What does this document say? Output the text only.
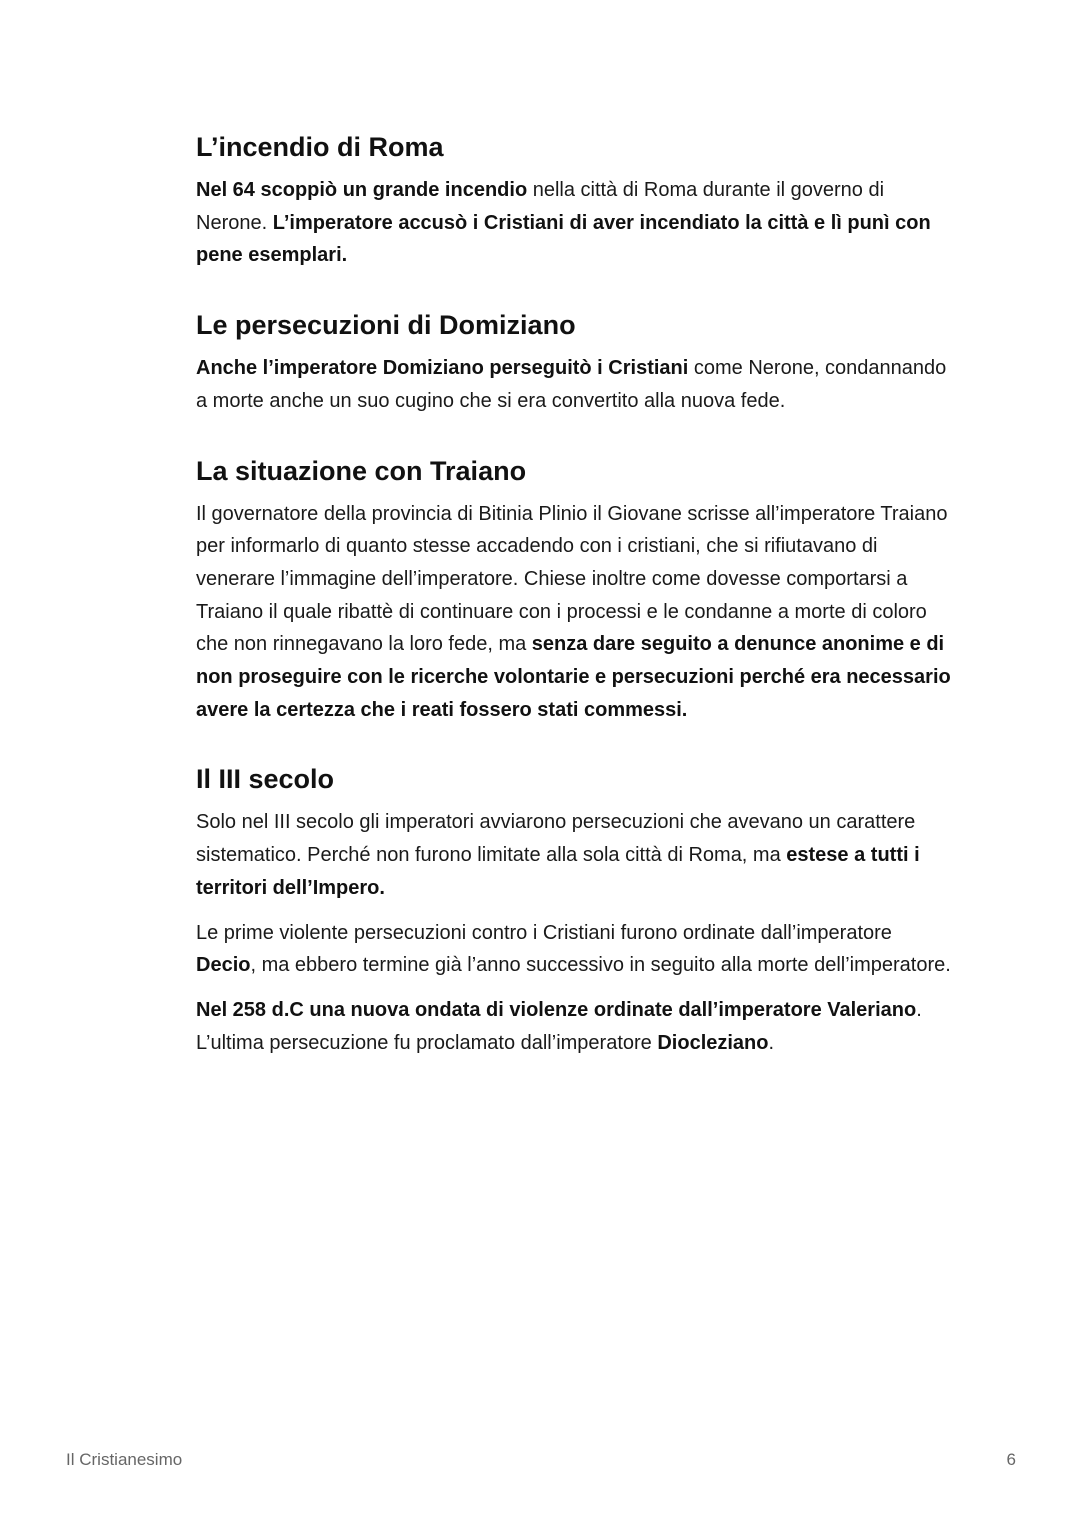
L’incendio di Roma

Nel 64 scoppiò un grande incendio nella città di Roma durante il governo di Nerone. L’imperatore accusò i Cristiani di aver incendiato la città e lì punì con pene esemplari.

Le persecuzioni di Domiziano

Anche l’imperatore Domiziano perseguitò i Cristiani come Nerone, condannando a morte anche un suo cugino che si era convertito alla nuova fede.

La situazione con Traiano

Il governatore della provincia di Bitinia Plinio il Giovane scrisse all’imperatore Traiano per informarlo di quanto stesse accadendo con i cristiani, che si rifiutavano di venerare l’immagine dell’imperatore. Chiese inoltre come dovesse comportarsi a Traiano il quale ribattè di continuare con i processi e le condanne a morte di coloro che non rinnegavano la loro fede, ma senza dare seguito a denunce anonime e di non proseguire con le ricerche volontarie e persecuzioni perché era necessario avere la certezza che i reati fossero stati commessi.

Il III secolo

Solo nel III secolo gli imperatori avviarono persecuzioni che avevano un carattere sistematico. Perché non furono limitate alla sola città di Roma, ma estese a tutti i territori dell’Impero.

Le prime violente persecuzioni contro i Cristiani furono ordinate dall’imperatore Decio, ma ebbero termine già l’anno successivo in seguito alla morte dell’imperatore.

Nel 258 d.C una nuova ondata di violenze ordinate dall’imperatore Valeriano. L’ultima persecuzione fu proclamato dall’imperatore Diocleziano.

Il Cristianesimo	6
